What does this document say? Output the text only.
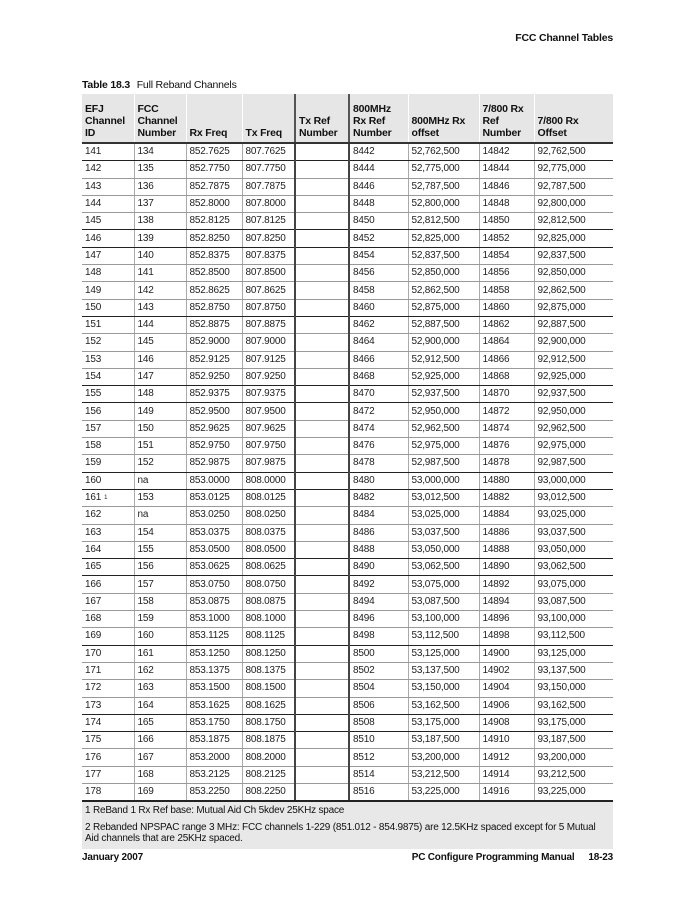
FCC Channel Tables
Table 18.3 Full Reband Channels
EFJ Channel ID	FCC Channel Number	Rx Freq	Tx Freq	Tx Ref Number	800MHz Rx Ref Number	800MHz Rx offset	7/800 Rx Ref Number	7/800 Rx Offset
141	134	852.7625	807.7625		8442	52,762,500	14842	92,762,500
142	135	852.7750	807.7750		8444	52,775,000	14844	92,775,000
143	136	852.7875	807.7875		8446	52,787,500	14846	92,787,500
144	137	852.8000	807.8000		8448	52,800,000	14848	92,800,000
145	138	852.8125	807.8125		8450	52,812,500	14850	92,812,500
146	139	852.8250	807.8250		8452	52,825,000	14852	92,825,000
147	140	852.8375	807.8375		8454	52,837,500	14854	92,837,500
148	141	852.8500	807.8500		8456	52,850,000	14856	92,850,000
149	142	852.8625	807.8625		8458	52,862,500	14858	92,862,500
150	143	852.8750	807.8750		8460	52,875,000	14860	92,875,000
151	144	852.8875	807.8875		8462	52,887,500	14862	92,887,500
152	145	852.9000	807.9000		8464	52,900,000	14864	92,900,000
153	146	852.9125	807.9125		8466	52,912,500	14866	92,912,500
154	147	852.9250	807.9250		8468	52,925,000	14868	92,925,000
155	148	852.9375	807.9375		8470	52,937,500	14870	92,937,500
156	149	852.9500	807.9500		8472	52,950,000	14872	92,950,000
157	150	852.9625	807.9625		8474	52,962,500	14874	92,962,500
158	151	852.9750	807.9750		8476	52,975,000	14876	92,975,000
159	152	852.9875	807.9875		8478	52,987,500	14878	92,987,500
160	na	853.0000	808.0000		8480	53,000,000	14880	93,000,000
161 $^1$	153	853.0125	808.0125		8482	53,012,500	14882	93,012,500
162	na	853.0250	808.0250		8484	53,025,000	14884	93,025,000
163	154	853.0375	808.0375		8486	53,037,500	14886	93,037,500
164	155	853.0500	808.0500		8488	53,050,000	14888	93,050,000
165	156	853.0625	808.0625		8490	53,062,500	14890	93,062,500
166	157	853.0750	808.0750		8492	53,075,000	14892	93,075,000
167	158	853.0875	808.0875		8494	53,087,500	14894	93,087,500
168	159	853.1000	808.1000		8496	53,100,000	14896	93,100,000
169	160	853.1125	808.1125		8498	53,112,500	14898	93,112,500
170	161	853.1250	808.1250		8500	53,125,000	14900	93,125,000
171	162	853.1375	808.1375		8502	53,137,500	14902	93,137,500
172	163	853.1500	808.1500		8504	53,150,000	14904	93,150,000
173	164	853.1625	808.1625		8506	53,162,500	14906	93,162,500
174	165	853.1750	808.1750		8508	53,175,000	14908	93,175,000
175	166	853.1875	808.1875		8510	53,187,500	14910	93,187,500
176	167	853.2000	808.2000		8512	53,200,000	14912	93,200,000
177	168	853.2125	808.2125		8514	53,212,500	14914	93,212,500
178	169	853.2250	808.2250		8516	53,225,000	14916	93,225,000

1 ReBand 1 Rx Ref base: Mutual Aid Ch 5kdev 25KHz space

2 Rebanded NPSPAC range 3 MHz: FCC channels 1-229 (851.012 - 854.9875) are 12.5KHz spaced except for 5 Mutual Aid channels that are 25KHz spaced.

January 2007	PC Configure Programming Manual 18-23
